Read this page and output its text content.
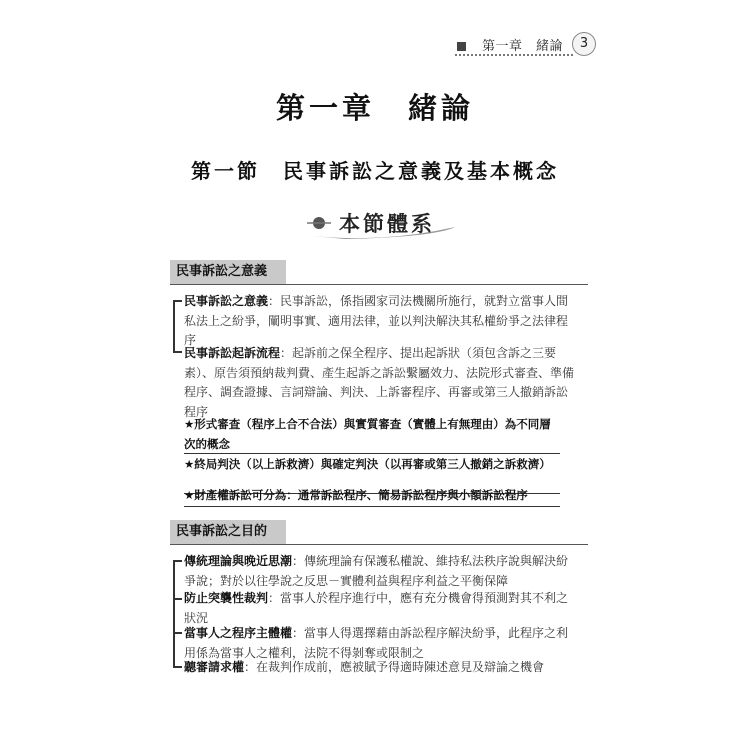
第一章　緒論	3
第一章　緒論
第一節　民事訴訟之意義及基本概念
本節體系
民事訴訟之意義
民事訴訟之意義：民事訴訟，係指國家司法機關所施行，就對立當事人間私法上之紛爭，闡明事實、適用法律，並以判決解決其私權紛爭之法律程序
民事訴訟起訴流程：起訴前之保全程序、提出起訴狀（須包含訴之三要素）、原告須預納裁判費、產生起訴之訴訟繫屬效力、法院形式審查、準備程序、調查證據、言詞辯論、判決、上訴審程序、再審或第三人撤銷訴訟程序
★形式審查（程序上合不合法）與實質審查（實體上有無理由）為不同層次的概念
★終局判決（以上訴救濟）與確定判決（以再審或第三人撤銷之訴救濟）
★財產權訴訟可分為：通常訴訟程序、簡易訴訟程序與小額訴訟程序
民事訴訟之目的
傳統理論與晚近思潮：傳統理論有保護私權說、維持私法秩序說與解決紛爭說；對於以往學說之反思－實體利益與程序利益之平衡保障
防止突襲性裁判：當事人於程序進行中，應有充分機會得預測對其不利之狀況
當事人之程序主體權：當事人得選擇藉由訴訟程序解決紛爭，此程序之利用係為當事人之權利，法院不得剝奪或限制之
聽審請求權：在裁判作成前，應被賦予得適時陳述意見及辯論之機會
